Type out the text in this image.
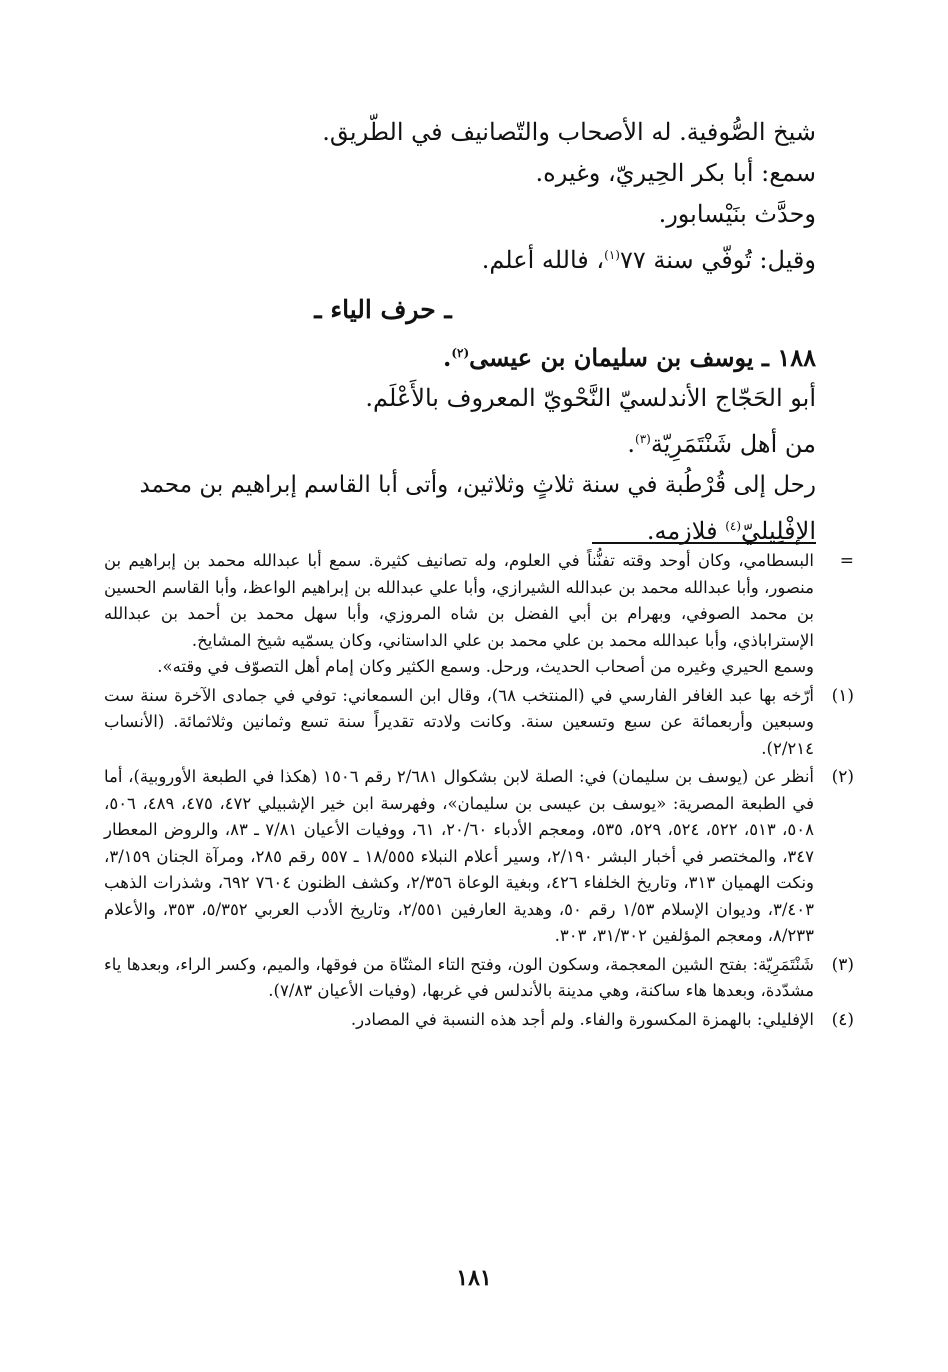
شيخ الصُّوفية. له الأصحاب والتّصانيف في الطّريق.

سمع: أبا بكر الحِيريّ، وغيره.

وحدَّث بنَيْسابور.

وقيل: تُوفّي سنة ٧٧$^{(١)}$، فالله أعلم.

ـ حرف الياء ـ

١٨٨ ـ يوسف بن سليمان بن عيسى$^{(٢)}$.

أبو الحَجّاج الأندلسيّ النَّحْويّ المعروف بالأَعْلَم.

من أهل شَنْتَمَرِيّة$^{(٣)}$.

رحل إلى قُرْطُبة في سنة ثلاثٍ وثلاثين، وأتى أبا القاسم إبراهيم بن محمد

الإفْلِيليّ$^{(٤)}$ فلازمه.

=

البسطامي، وكان أوحد وقته تفنُّناً في العلوم، وله تصانيف كثيرة. سمع أبا عبدالله محمد بن إبراهيم بن منصور، وأبا عبدالله محمد بن عبدالله الشيرازي، وأبا علي عبدالله بن إبراهيم الواعظ، وأبا القاسم الحسين بن محمد الصوفي، وبهرام بن أبي الفضل بن شاه المروزي، وأبا سهل محمد بن أحمد بن عبدالله الإستراباذي، وأبا عبدالله محمد بن علي محمد بن علي الداستاني، وكان يسمّيه شيخ المشايخ.

وسمع الحيري وغيره من أصحاب الحديث، ورحل. وسمع الكثير وكان إمام أهل التصوّف في وقته».

(١)
أرّخه بها عبد الغافر الفارسي في (المنتخب ٦٨)، وقال ابن السمعاني: توفي في جمادى الآخرة سنة ست وسبعين وأربعمائة عن سبع وتسعين سنة. وكانت ولادته تقديراً سنة تسع وثمانين وثلاثمائة. (الأنساب ٢/٢١٤).
(٢)
أنظر عن (يوسف بن سليمان) في: الصلة لابن بشكوال ٢/٦٨١ رقم ١٥٠٦ (هكذا في الطبعة الأوروبية)، أما في الطبعة المصرية: «يوسف بن عيسى بن سليمان»، وفهرسة ابن خير الإشبيلي ٤٧٢، ٤٧٥، ٤٨٩، ٥٠٦، ٥٠٨، ٥١٣، ٥٢٢، ٥٢٤، ٥٢٩، ٥٣٥، ومعجم الأدباء ٢٠/٦٠، ٦١، ووفيات الأعيان ٧/٨١ ـ ٨٣، والروض المعطار ٣٤٧، والمختصر في أخبار البشر ٢/١٩٠، وسير أعلام النبلاء ١٨/٥٥٥ ـ ٥٥٧ رقم ٢٨٥، ومرآة الجنان ٣/١٥٩، ونكت الهميان ٣١٣، وتاريخ الخلفاء ٤٢٦، وبغية الوعاة ٢/٣٥٦، وكشف الظنون ٧٦٠٤ ٦٩٢، وشذرات الذهب ٣/٤٠٣، وديوان الإسلام ١/٥٣ رقم ٥٠، وهدية العارفين ٢/٥٥١، وتاريخ الأدب العربي ٥/٣٥٢، ٣٥٣، والأعلام ٨/٢٣٣، ومعجم المؤلفين ٣١/٣٠٢، ٣٠٣.
(٣)
شَنْتَمَرِيّة: بفتح الشين المعجمة، وسكون الون، وفتح التاء المثنّاة من فوقها، والميم، وكسر الراء، وبعدها ياء مشدّدة، وبعدها هاء ساكنة، وهي مدينة بالأندلس في غربها، (وفيات الأعيان ٧/٨٣).
(٤)
الإفليلي: بالهمزة المكسورة والفاء. ولم أجد هذه النسبة في المصادر.
١٨١
